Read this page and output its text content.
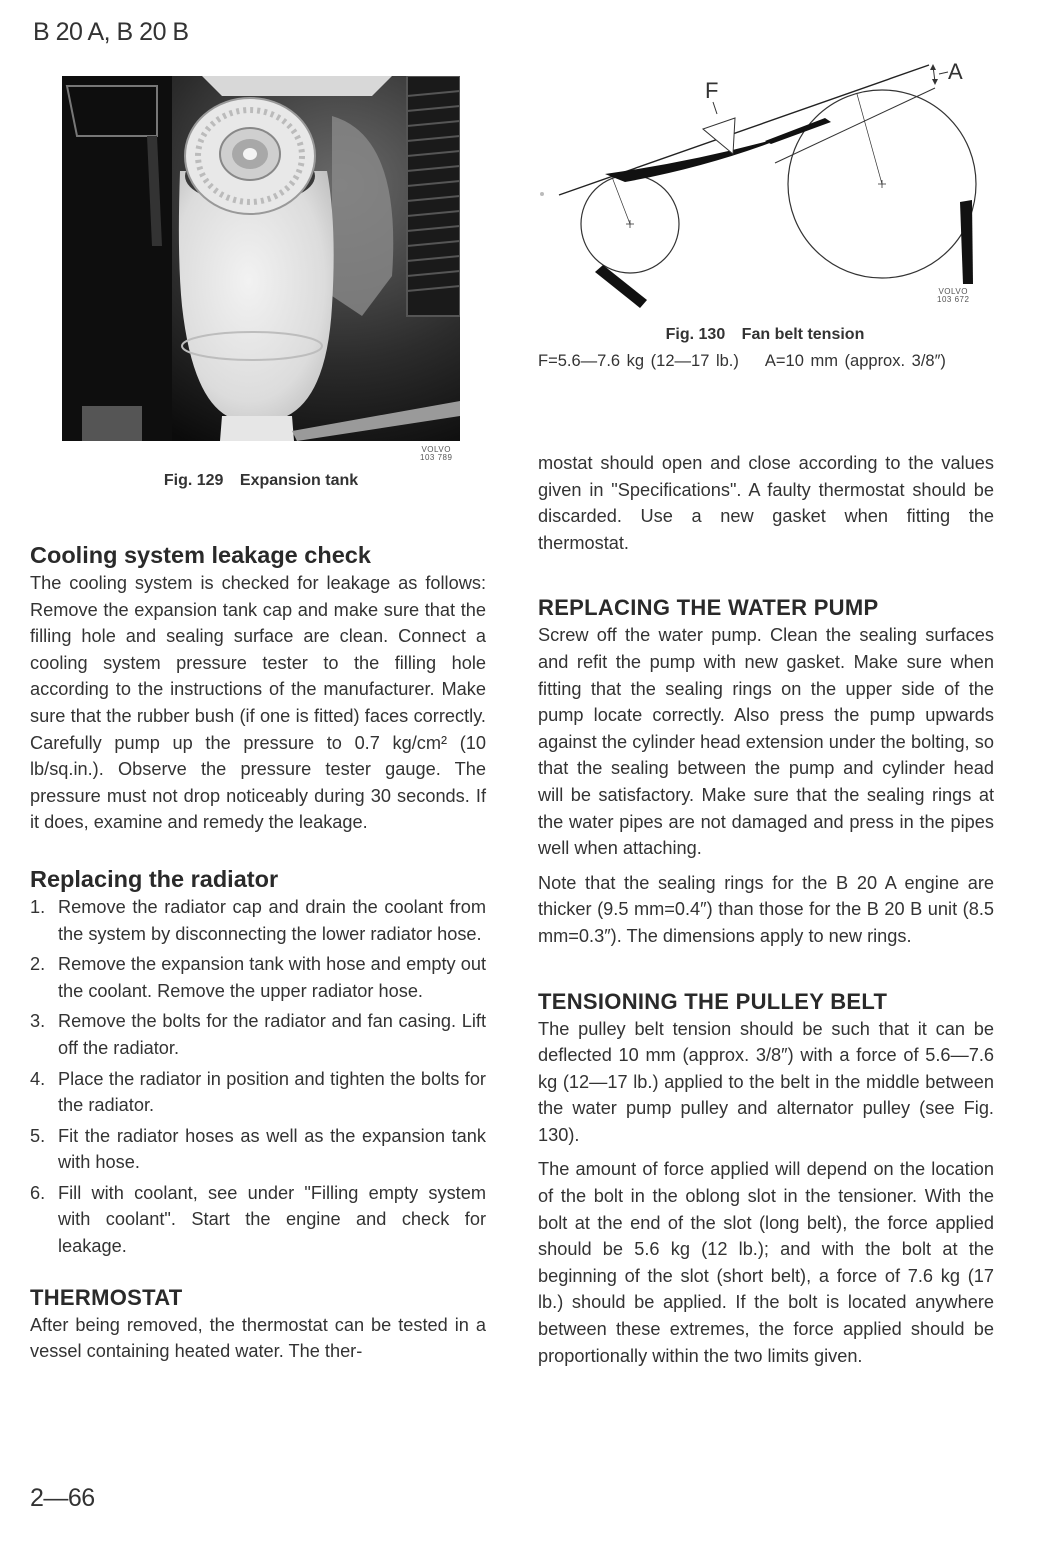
B 20 A, B 20 B
VOLVO
103 789
Fig. 129 Expansion tank
F
A
VOLVO
103 672
Fig. 130 Fan belt tension
F=5.6—7.6 kg (12—17 lb.) A=10 mm (approx. 3/8″)
Cooling system leakage check

The cooling system is checked for leakage as follows: Remove the expansion tank cap and make sure that the filling hole and sealing surface are clean. Connect a cooling system pressure tester to the filling hole according to the instructions of the manufacturer. Make sure that the rubber bush (if one is fitted) faces correctly. Carefully pump up the pressure to 0.7 kg/cm² (10 lb/sq.in.). Observe the pressure tester gauge. The pressure must not drop noticeably during 30 seconds. If it does, examine and remedy the leakage.

Replacing the radiator
1. Remove the radiator cap and drain the coolant from the system by disconnecting the lower radiator hose.
2. Remove the expansion tank with hose and empty out the coolant. Remove the upper radiator hose.
3. Remove the bolts for the radiator and fan casing. Lift off the radiator.
4. Place the radiator in position and tighten the bolts for the radiator.
5. Fit the radiator hoses as well as the expansion tank with hose.
6. Fill with coolant, see under "Filling empty system with coolant". Start the engine and check for leakage.
THERMOSTAT

After being removed, the thermostat can be tested in a vessel containing heated water. The ther-

mostat should open and close according to the values given in "Specifications". A faulty thermostat should be discarded. Use a new gasket when fitting the thermostat.

REPLACING THE WATER PUMP

Screw off the water pump. Clean the sealing surfaces and refit the pump with new gasket. Make sure when fitting that the sealing rings on the upper side of the pump locate correctly. Also press the pump upwards against the cylinder head extension under the bolting, so that the sealing between the pump and cylinder head will be satisfactory. Make sure that the sealing rings at the water pipes are not damaged and press in the pipes well when attaching.

Note that the sealing rings for the B 20 A engine are thicker (9.5 mm=0.4″) than those for the B 20 B unit (8.5 mm=0.3″). The dimensions apply to new rings.

TENSIONING THE PULLEY BELT

The pulley belt tension should be such that it can be deflected 10 mm (approx. 3/8″) with a force of 5.6—7.6 kg (12—17 lb.) applied to the belt in the middle between the water pump pulley and alternator pulley (see Fig. 130).

The amount of force applied will depend on the location of the bolt in the oblong slot in the tensioner. With the bolt at the end of the slot (long belt), the force applied should be 5.6 kg (12 lb.); and with the bolt at the beginning of the slot (short belt), a force of 7.6 kg (17 lb.) should be applied. If the bolt is located anywhere between these extremes, the force applied should be proportionally within the two limits given.

2—66
